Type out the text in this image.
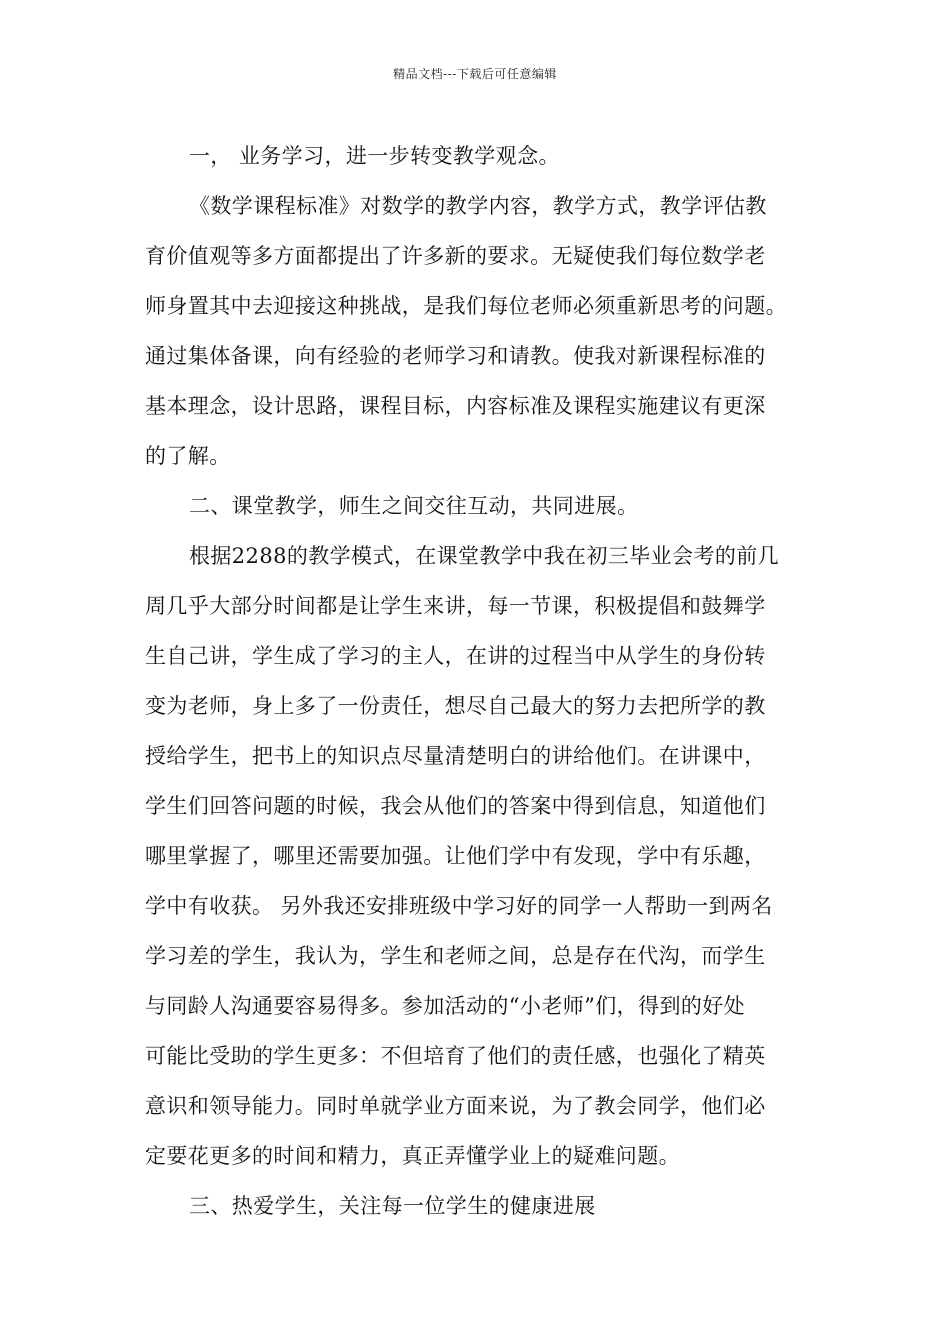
精品文档---下载后可任意编辑
一， 业务学习，进一步转变教学观念。
《数学课程标准》对数学的教学内容，教学方式，教学评估教
育价值观等多方面都提出了许多新的要求。无疑使我们每位数学老
师身置其中去迎接这种挑战，是我们每位老师必须重新思考的问题。
通过集体备课，向有经验的老师学习和请教。使我对新课程标准的
基本理念，设计思路，课程目标，内容标准及课程实施建议有更深
的了解。
二、课堂教学，师生之间交往互动，共同进展。
根据2288的教学模式，在课堂教学中我在初三毕业会考的前几
周几乎大部分时间都是让学生来讲，每一节课，积极提倡和鼓舞学
生自己讲，学生成了学习的主人，在讲的过程当中从学生的身份转
变为老师，身上多了一份责任，想尽自己最大的努力去把所学的教
授给学生，把书上的知识点尽量清楚明白的讲给他们。在讲课中，
学生们回答问题的时候，我会从他们的答案中得到信息，知道他们
哪里掌握了，哪里还需要加强。让他们学中有发现，学中有乐趣，
学中有收获。 另外我还安排班级中学习好的同学一人帮助一到两名
学习差的学生，我认为，学生和老师之间，总是存在代沟，而学生
与同龄人沟通要容易得多。参加活动的“小老师”们，得到的好处
可能比受助的学生更多：不但培育了他们的责任感，也强化了精英
意识和领导能力。同时单就学业方面来说，为了教会同学，他们必
定要花更多的时间和精力，真正弄懂学业上的疑难问题。
三、热爱学生，关注每一位学生的健康进展
